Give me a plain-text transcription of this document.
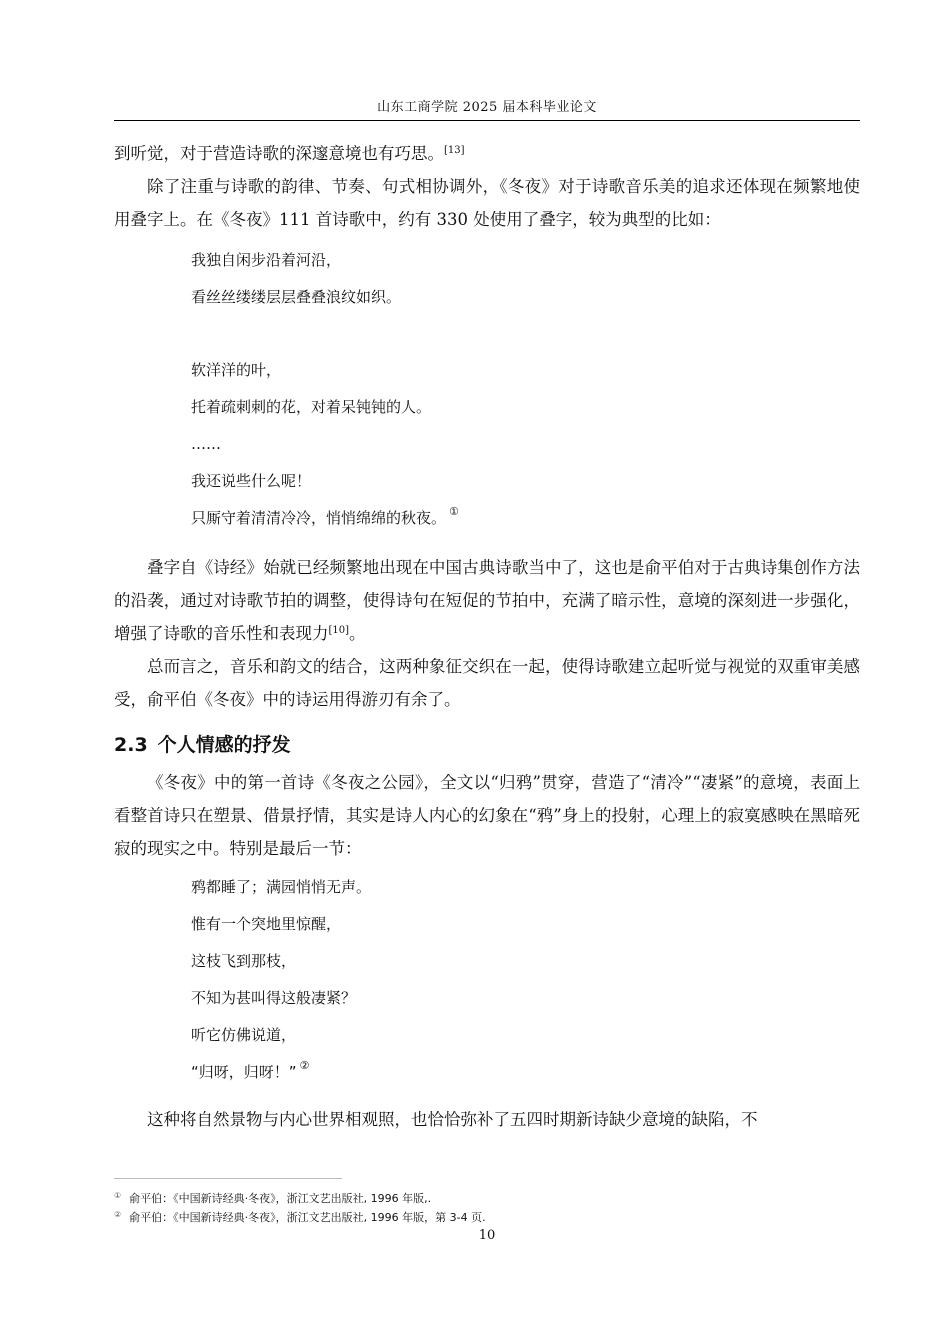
山东工商学院 2025 届本科毕业论文

到听觉，对于营造诗歌的深邃意境也有巧思。[13]

除了注重与诗歌的韵律、节奏、句式相协调外，《冬夜》对于诗歌音乐美的追求还体现在频繁地使用叠字上。在《冬夜》111 首诗歌中，约有 330 处使用了叠字，较为典型的比如：

我独自闲步沿着河沿，
看丝丝缕缕层层叠叠浪纹如织。
软洋洋的叶，
托着疏刺刺的花，对着呆钝钝的人。
……
我还说些什么呢！
只厮守着清清冷冷，悄悄绵绵的秋夜。 ①

叠字自《诗经》始就已经频繁地出现在中国古典诗歌当中了，这也是俞平伯对于古典诗集创作方法的沿袭，通过对诗歌节拍的调整，使得诗句在短促的节拍中，充满了暗示性，意境的深刻进一步强化，增强了诗歌的音乐性和表现力[10]。

总而言之，音乐和韵文的结合，这两种象征交织在一起，使得诗歌建立起听觉与视觉的双重审美感受，俞平伯《冬夜》中的诗运用得游刃有余了。

2.3 个人情感的抒发

《冬夜》中的第一首诗《冬夜之公园》，全文以“归鸦”贯穿，营造了“清冷”“凄紧”的意境，表面上看整首诗只在塑景、借景抒情，其实是诗人内心的幻象在“鸦”身上的投射，心理上的寂寞感映在黑暗死寂的现实之中。特别是最后一节：

鸦都睡了；满园悄悄无声。
惟有一个突地里惊醒，
这枝飞到那枝，
不知为甚叫得这般凄紧？
听它仿佛说道，
“归呀，归呀！” ②

这种将自然景物与内心世界相观照，也恰恰弥补了五四时期新诗缺少意境的缺陷，不

① 俞平伯：《中国新诗经典·冬夜》，浙江文艺出版社, 1996 年版,.
② 俞平伯：《中国新诗经典·冬夜》，浙江文艺出版社, 1996 年版，第 3-4 页.
10
